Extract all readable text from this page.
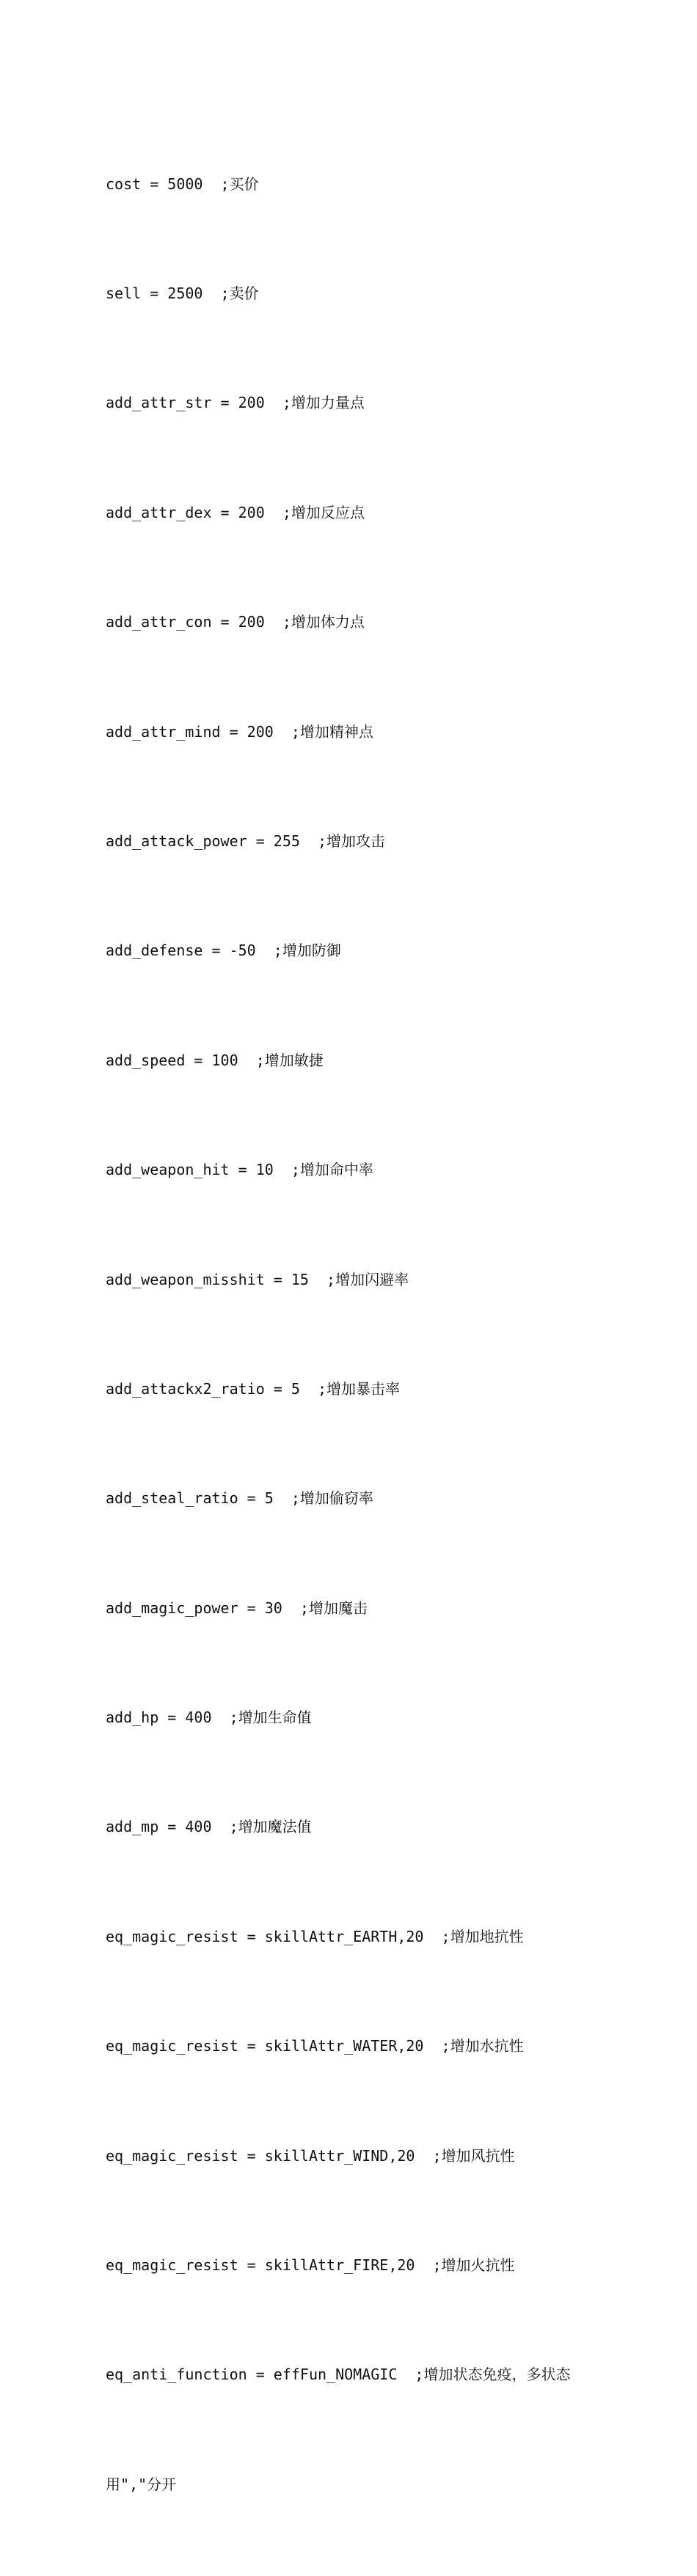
cost = 5000  ;买价

sell = 2500  ;卖价

add_attr_str = 200  ;增加力量点

add_attr_dex = 200  ;增加反应点

add_attr_con = 200  ;增加体力点

add_attr_mind = 200  ;增加精神点

add_attack_power = 255  ;增加攻击

add_defense = -50  ;增加防御

add_speed = 100  ;增加敏捷

add_weapon_hit = 10  ;增加命中率

add_weapon_misshit = 15  ;增加闪避率

add_attackx2_ratio = 5  ;增加暴击率

add_steal_ratio = 5  ;增加偷窃率

add_magic_power = 30  ;增加魔击

add_hp = 400  ;增加生命值

add_mp = 400  ;增加魔法值

eq_magic_resist = skillAttr_EARTH,20  ;增加地抗性

eq_magic_resist = skillAttr_WATER,20  ;增加水抗性

eq_magic_resist = skillAttr_WIND,20  ;增加风抗性

eq_magic_resist = skillAttr_FIRE,20  ;增加火抗性

eq_anti_function = effFun_NOMAGIC  ;增加状态免疫，多状态

用","分开
